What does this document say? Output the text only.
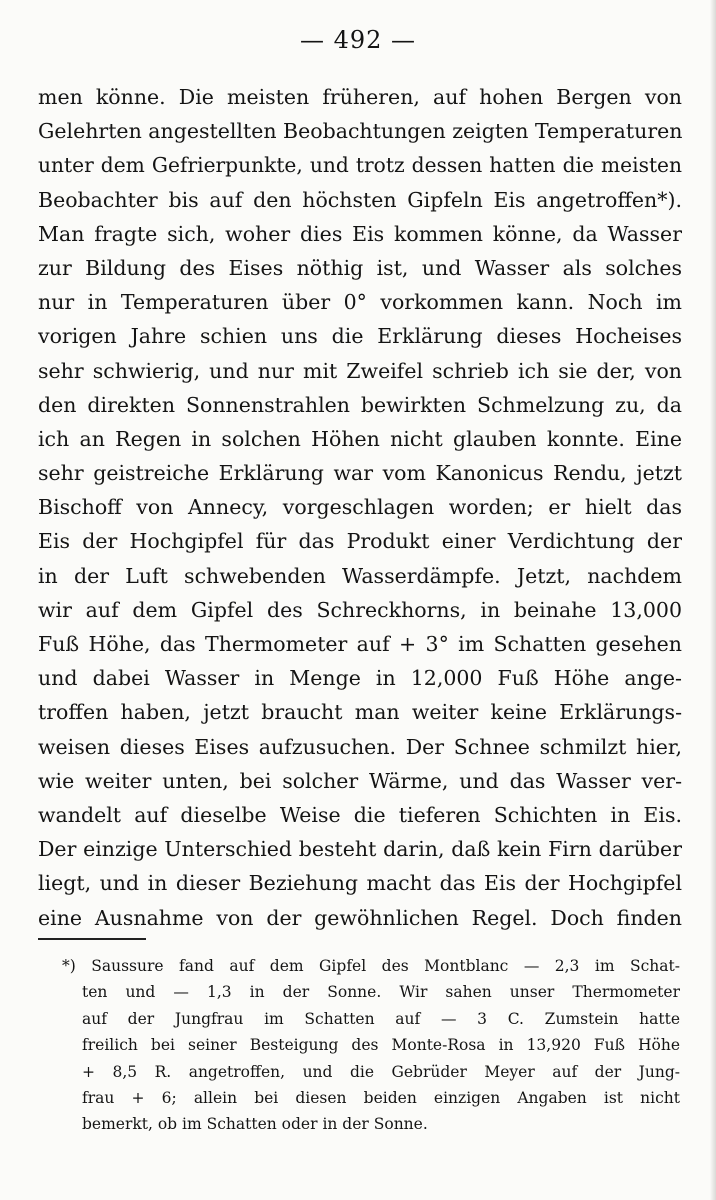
— 492 —
men könne. Die meisten früheren, auf hohen Bergen von
Gelehrten angestellten Beobachtungen zeigten Temperaturen
unter dem Gefrierpunkte, und trotz dessen hatten die meisten
Beobachter bis auf den höchsten Gipfeln Eis angetroffen*).
Man fragte sich, woher dies Eis kommen könne, da Wasser
zur Bildung des Eises nöthig ist, und Wasser als solches
nur in Temperaturen über 0° vorkommen kann. Noch im
vorigen Jahre schien uns die Erklärung dieses Hocheises
sehr schwierig, und nur mit Zweifel schrieb ich sie der, von
den direkten Sonnenstrahlen bewirkten Schmelzung zu, da
ich an Regen in solchen Höhen nicht glauben konnte. Eine
sehr geistreiche Erklärung war vom Kanonicus Rendu, jetzt
Bischoff von Annecy, vorgeschlagen worden; er hielt das
Eis der Hochgipfel für das Produkt einer Verdichtung der
in der Luft schwebenden Wasserdämpfe. Jetzt, nachdem
wir auf dem Gipfel des Schreckhorns, in beinahe 13,000
Fuß Höhe, das Thermometer auf + 3° im Schatten gesehen
und dabei Wasser in Menge in 12,000 Fuß Höhe ange-
troffen haben, jetzt braucht man weiter keine Erklärungs-
weisen dieses Eises aufzusuchen. Der Schnee schmilzt hier,
wie weiter unten, bei solcher Wärme, und das Wasser ver-
wandelt auf dieselbe Weise die tieferen Schichten in Eis.
Der einzige Unterschied besteht darin, daß kein Firn darüber
liegt, und in dieser Beziehung macht das Eis der Hochgipfel
eine Ausnahme von der gewöhnlichen Regel. Doch finden
*) Saussure fand auf dem Gipfel des Montblanc — 2,3 im Schat-
ten und — 1,3 in der Sonne. Wir sahen unser Thermometer
auf der Jungfrau im Schatten auf — 3 C. Zumstein hatte
freilich bei seiner Besteigung des Monte-Rosa in 13,920 Fuß Höhe
+ 8,5 R. angetroffen, und die Gebrüder Meyer auf der Jung-
frau + 6; allein bei diesen beiden einzigen Angaben ist nicht
bemerkt, ob im Schatten oder in der Sonne.
